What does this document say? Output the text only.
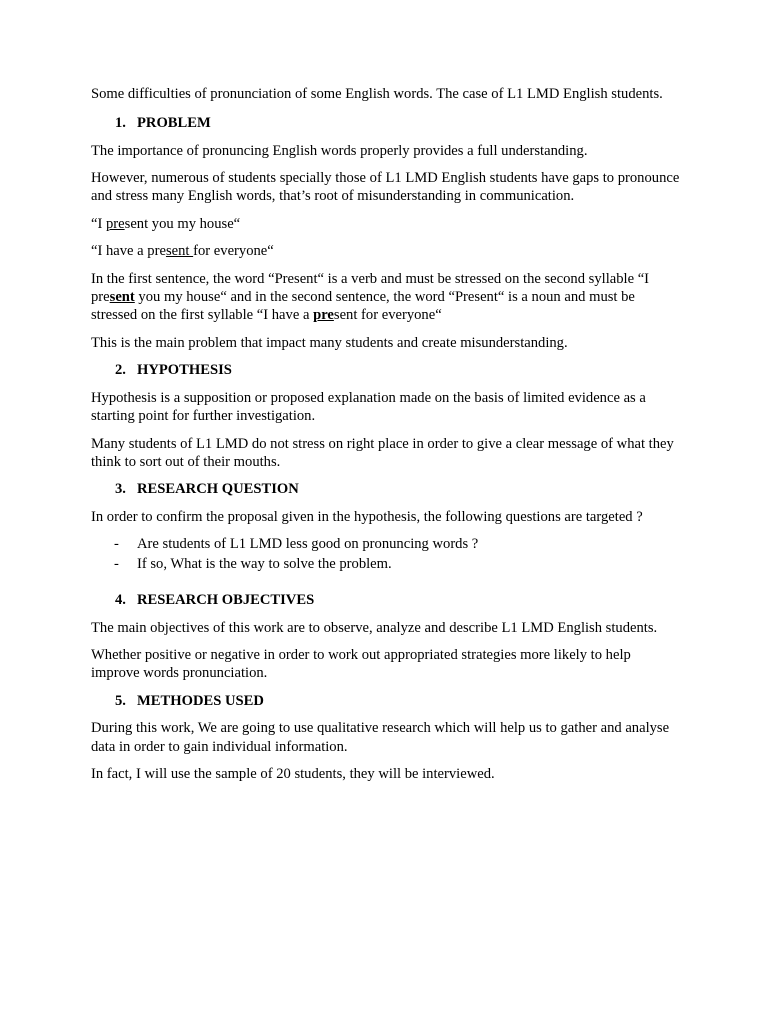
Some difficulties of pronunciation of some English words. The case of L1 LMD English students.

1. PROBLEM

The importance of pronuncing English words properly provides a full understanding.

However, numerous of students specially those of L1 LMD English students have gaps to pronounce and stress many English words, that’s root of misunderstanding in communication.

“I present you my house“

“I have a present for everyone“

In the first sentence, the word “Present“ is a verb and must be stressed on the second syllable “I present you my house“ and in the second sentence, the word “Present“ is a noun and must be stressed on the first syllable “I have a present for everyone“

This is the main problem that impact many students and create misunderstanding.

2. HYPOTHESIS

Hypothesis is a supposition or proposed explanation made on the basis of limited evidence as a starting point for further investigation.

Many students of L1 LMD do not stress on right place in order to give a clear message of what they think to sort out of their mouths.

3. RESEARCH QUESTION

In order to confirm the proposal given in the hypothesis, the following questions are targeted ?

- Are students of L1 LMD less good on pronuncing words ?
- If so, What is the way to solve the problem.
4. RESEARCH OBJECTIVES

The main objectives of this work are to observe, analyze and describe L1 LMD English students.

Whether positive or negative in order to work out appropriated strategies more likely to help improve words pronunciation.

5. METHODES USED

During this work, We are going to use qualitative research which will help us to gather and analyse data in order to gain individual information.

In fact, I will use the sample of 20 students, they will be interviewed.
